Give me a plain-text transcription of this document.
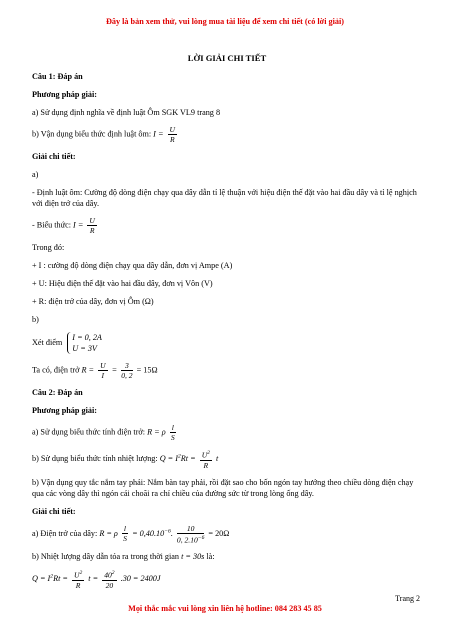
Đây là bản xem thử, vui lòng mua tài liệu để xem chi tiết (có lời giải)
LỜI GIẢI CHI TIẾT
Câu 1: Đáp án
Phương pháp giải:
a) Sử dụng định nghĩa về định luật Ôm SGK VL9 trang 8
b) Vận dụng biểu thức định luật ôm: $I = \frac{U}{R}$
Giải chi tiết:
a)
- Định luật ôm: Cường độ dòng điện chạy qua dây dẫn tỉ lệ thuận với hiệu điện thế đặt vào hai đầu dây và tỉ lệ nghịch với điện trở của dây.
- Biểu thức: $I = \frac{U}{R}$
Trong đó:
+ I : cường độ dòng điện chạy qua dây dẫn, đơn vị Ampe (A)
+ U: Hiệu điện thế đặt vào hai đầu dây, đơn vị Vôn (V)
+ R: điện trở của dây, đơn vị Ôm (Ω)
b)
Xét điểm
I = 0, 2A
U = 3V
Ta có, điện trở $R = \frac{U}{I} = \frac{3}{0, 2} = 15\Omega$
Câu 2: Đáp án
Phương pháp giải:
a) Sử dụng biểu thức tính điện trở: R = ρ $\frac{l}{S}$
b) Sử dụng biểu thức tính nhiệt lượng: $Q = I^2Rt = \frac{U^2}{R}$ t
b) Vận dụng quy tắc nắm tay phải: Nắm bàn tay phải, rồi đặt sao cho bốn ngón tay hướng theo chiều dòng điện chạy qua các vòng dây thì ngón cái choãi ra chỉ chiều của đường sức từ trong lòng ống dây.
Giải chi tiết:
a) Điện trở của dây: R = ρ $\frac{l}{S} = 0,40.10^{-6}$. $\frac{10}{0, 2.10^{-6}} = 20\Omega$
b) Nhiệt lượng dây dẫn tỏa ra trong thời gian t = 30s là:
$Q = I^2Rt = \frac{U^2}{R}$ $t = \frac{40^2}{20} .30 = 2400J$
Trang 2
Mọi thắc mắc vui lòng xin liên hệ hotline: 084 283 45 85
